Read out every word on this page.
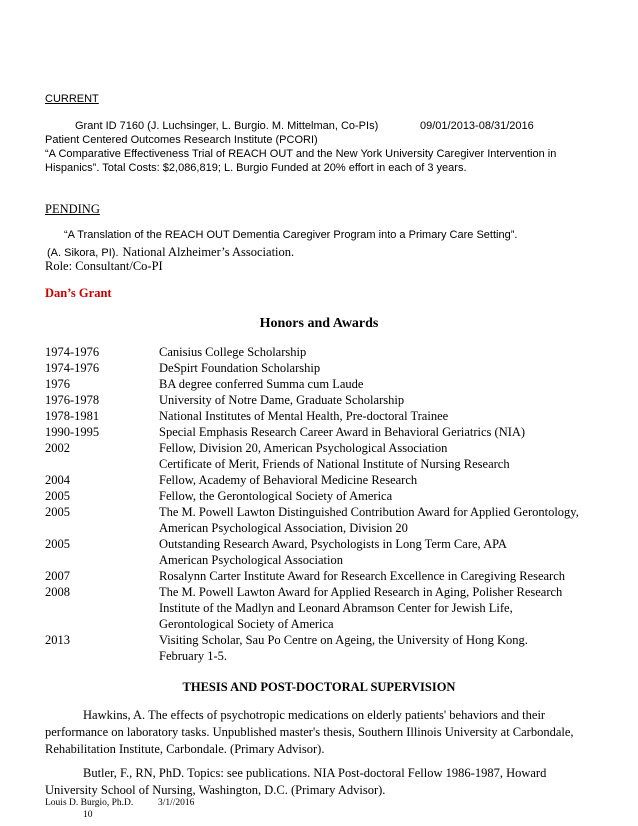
CURRENT
Grant ID 7160 (J. Luchsinger, L. Burgio. M. Mittelman, Co-PIs)	09/01/2013-08/31/2016
Patient Centered Outcomes Research Institute (PCORI)
“A Comparative Effectiveness Trial of REACH OUT and the New York University Caregiver Intervention in
Hispanics”. Total Costs: $2,086,819; L. Burgio Funded at 20% effort in each of 3 years.
PENDING
“A Translation of the REACH OUT Dementia Caregiver Program into a Primary Care Setting”.
(A. Sikora, PI). National Alzheimer’s Association.
Role: Consultant/Co-PI
Dan’s Grant
Honors and Awards
1974-1976	Canisius College Scholarship
1974-1976	DeSpirt Foundation Scholarship
1976	BA degree conferred Summa cum Laude
1976-1978	University of Notre Dame, Graduate Scholarship
1978-1981	National Institutes of Mental Health, Pre-doctoral Trainee
1990-1995	Special Emphasis Research Career Award in Behavioral Geriatrics (NIA)
2002	Fellow, Division 20, American Psychological Association
Certificate of Merit, Friends of National Institute of Nursing Research
2004	Fellow, Academy of Behavioral Medicine Research
2005	Fellow, the Gerontological Society of America
2005	The M. Powell Lawton Distinguished Contribution Award for Applied Gerontology,
American Psychological Association, Division 20
2005	Outstanding Research Award, Psychologists in Long Term Care, APA
American Psychological Association
2007	Rosalynn Carter Institute Award for Research Excellence in Caregiving Research
2008	The M. Powell Lawton Award for Applied Research in Aging, Polisher Research
Institute of the Madlyn and Leonard Abramson Center for Jewish Life,
Gerontological Society of America
2013	Visiting Scholar, Sau Po Centre on Ageing, the University of Hong Kong.
February 1-5.
THESIS AND POST-DOCTORAL SUPERVISION
Hawkins, A. The effects of psychotropic medications on elderly patients' behaviors and their
performance on laboratory tasks. Unpublished master's thesis, Southern Illinois University at Carbondale,
Rehabilitation Institute, Carbondale. (Primary Advisor).
Butler, F., RN, PhD. Topics: see publications. NIA Post-doctoral Fellow 1986-1987, Howard
University School of Nursing, Washington, D.C. (Primary Advisor).
Louis D. Burgio, Ph.D.	3/1//2016
10
